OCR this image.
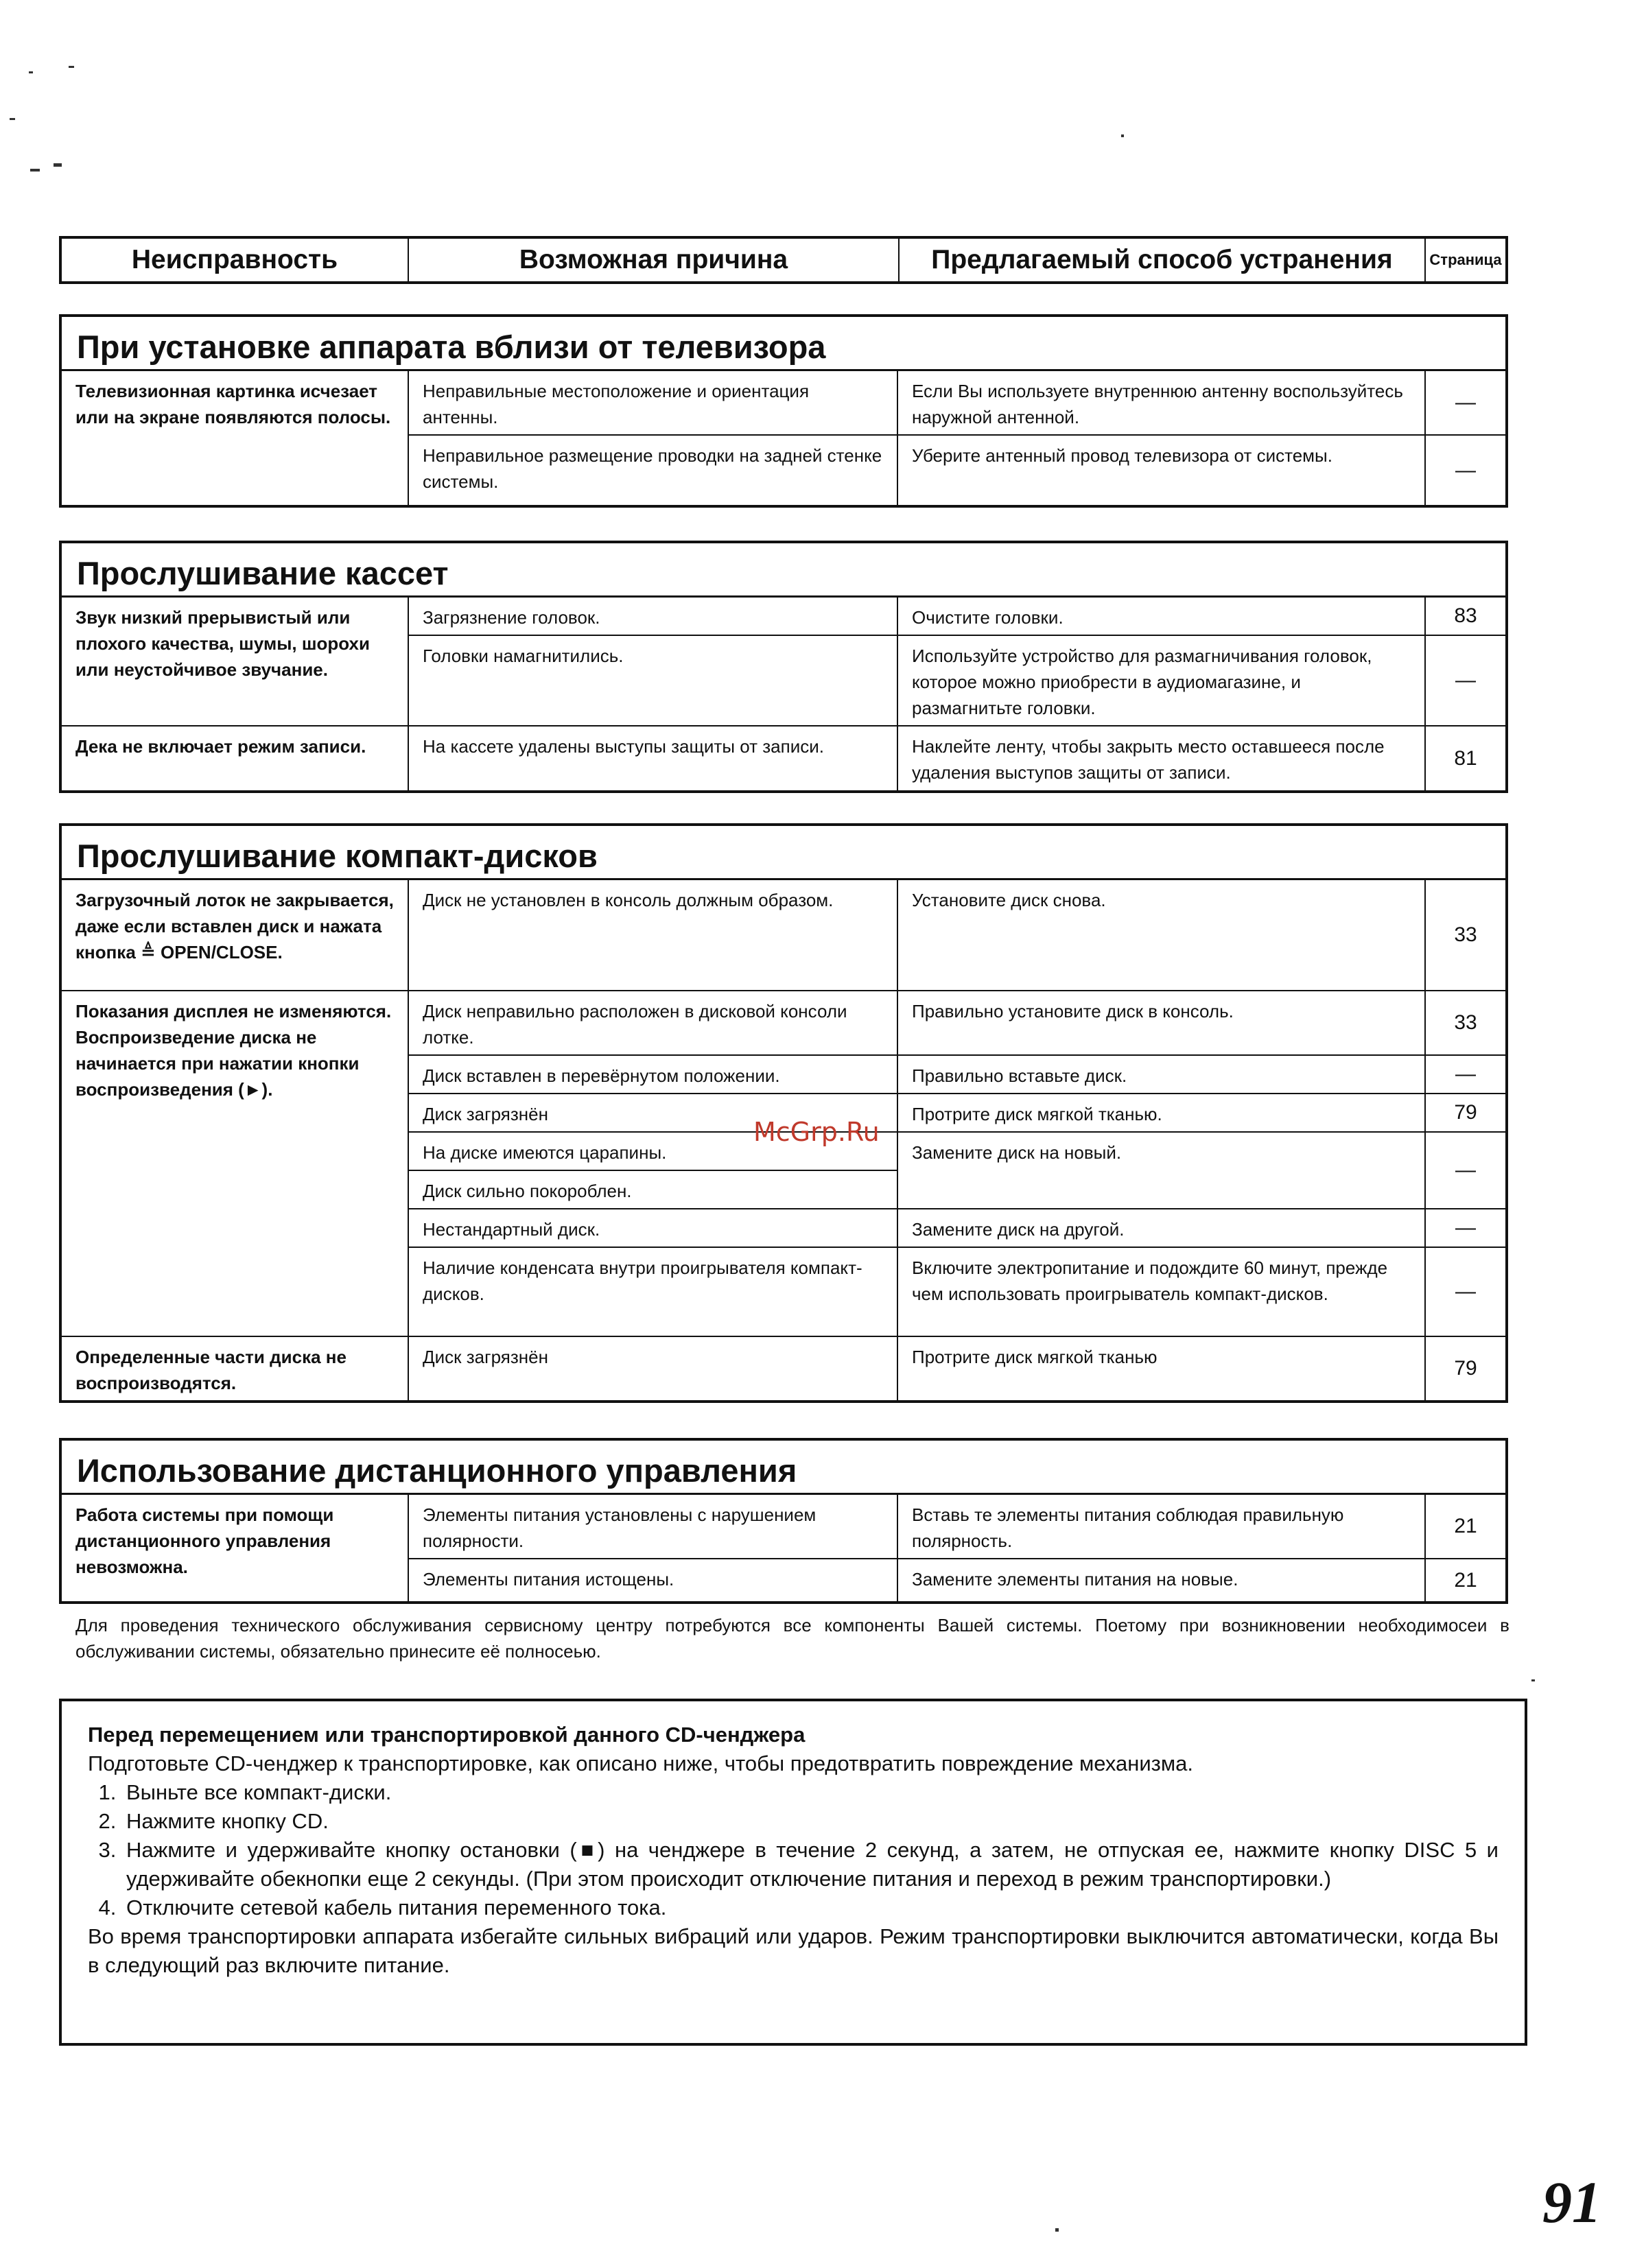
Неисправность	Возможная причина	Предлагаемый способ устранения	Страница
При установке аппарата вблизи от телевизора			
Телевизионная картинка исчезает или на экране появляются полосы.	Неправильные местоположение и ориентация антенны.	Если Вы используете внутреннюю антенну воспользуйтесь наружной антенной.	—
	Неправильное размещение проводки на задней стенке системы.	Уберите антенный провод телевизора от системы.	—
Прослушивание кассет			
Звук низкий прерывистый или плохого качества, шумы, шорохи или неустойчивое звучание.	Загрязнение головок.	Очистите головки.	83
	Головки намагнитились.	Используйте устройство для размагничивания головок, которое можно приобрести в аудиомагазине, и размагнитьте головки.	—
Дека не включает режим записи.	На кассете удалены выступы защиты от записи.	Наклейте ленту, чтобы закрыть место оставшееся после удаления выступов защиты от записи.	81
Прослушивание компакт-дисков			
Загрузочный лоток не закрывается, даже если вставлен диск и нажата кнопка ≜ OPEN/CLOSE.	Диск не установлен в консоль должным образом.	Установите диск снова.	33
Показания дисплея не изменяются. Воспроизведение диска не начинается при нажатии кнопки воспроизведения (►).	Диск неправильно расположен в дисковой консоли лотке.	Правильно установите диск в консоль.	33
	Диск вставлен в перевёрнутом положении.	Правильно вставьте диск.	—
	Диск загрязнён	Протрите диск мягкой тканью.	79
	На диске имеются царапины.	Замените диск на новый.	—
	Диск сильно покороблен.		
	Нестандартный диск.	Замените диск на другой.	—
	Наличие конденсата внутри проигрывателя компакт-дисков.	Включите электропитание и подождите 60 минут, прежде чем использовать проигрыватель компакт-дисков.	—
Определенные части диска не воспроизводятся.	Диск загрязнён	Протрите диск мягкой тканью	79
Использование дистанционного управления			
Работа системы при помощи дистанционного управления невозможна.	Элементы питания установлены с нарушением полярности.	Вставь те элементы питания соблюдая правильную полярность.	21
	Элементы питания истощены.	Замените элементы питания на новые.	21
Для проведения технического обслуживания сервисному центру потребуются все компоненты Вашей системы. Поетому при возникновении необходимосеи в обслуживании системы, обязательно принесите её полносеью.
Перед перемещением или транспортировкой данного CD-ченджера

Подготовьте CD-ченджер к транспортировке, как описано ниже, чтобы предотвратить повреждение механизма.

1. Выньте все компакт-диски.
2. Нажмите кнопку CD.
3. Нажмите и удерживайте кнопку остановки (■) на ченджере в течение 2 секунд, а затем, не отпуская ее, нажмите кнопку DISC 5 и удерживайте обекнопки еще 2 секунды. (При этом происходит отключение питания и переход в режим транспортировки.)
4. Отключите сетевой кабель питания переменного тока.

Во время транспортировки аппарата избегайте сильных вибраций или ударов. Режим транспортировки выключится автоматически, когда Вы в следующий раз включите питание.

McGrp.Ru
91
